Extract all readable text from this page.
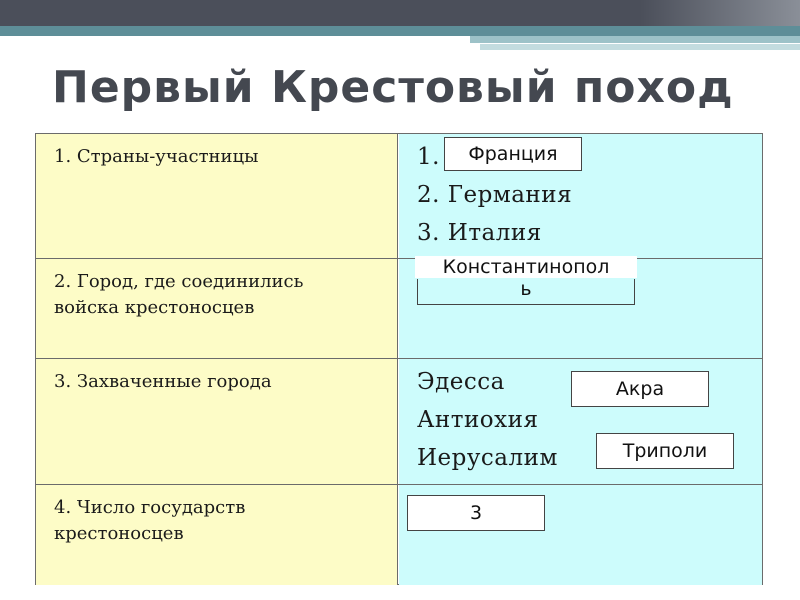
Первый Крестовый поход
1. Страны-участницы	1.
2. Германия
3. Италия
Франция
2. Город, где соединились
войска крестоносцев
Константинопол
ь
3. Захваченные города	Эдесса
Антиохия
Иерусалим
Акра
Триполи
4. Число государств
крестоносцев
3
